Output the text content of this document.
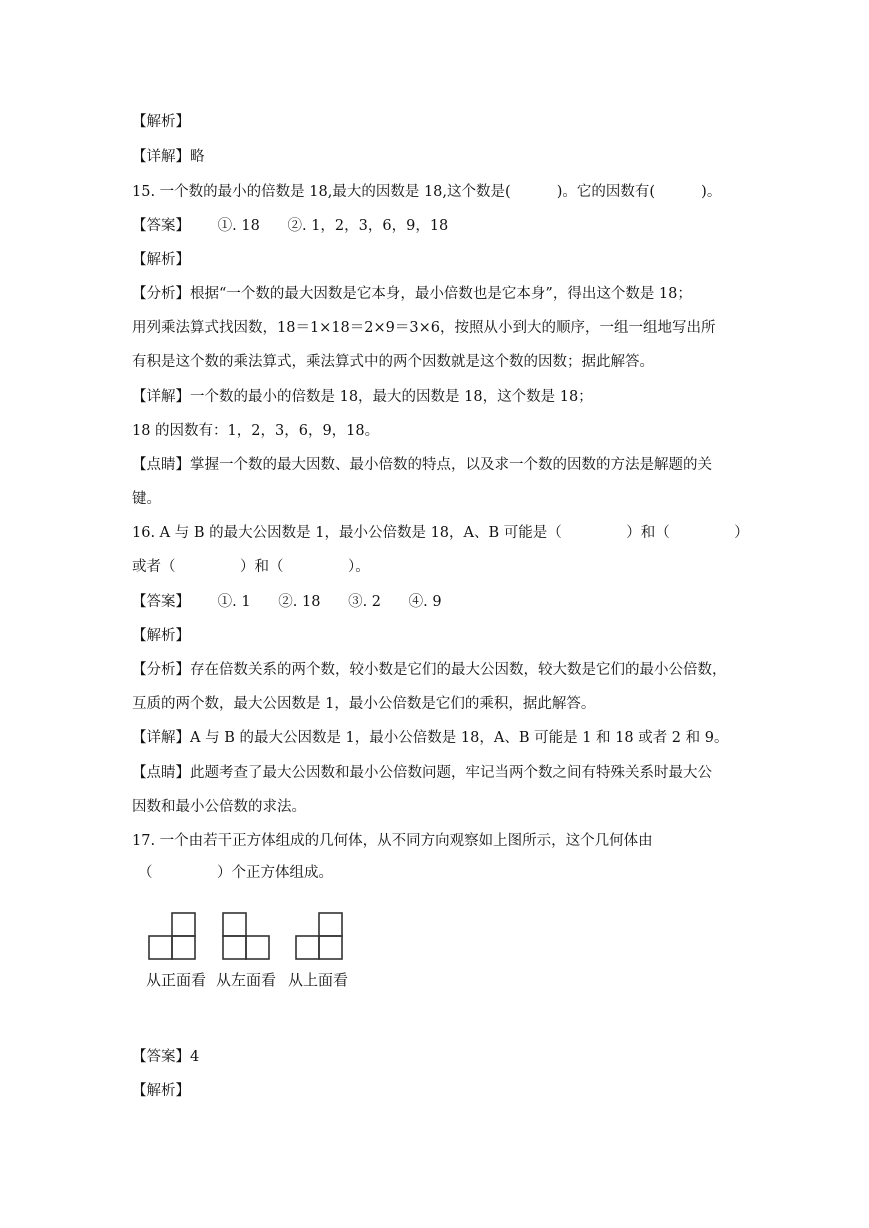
【解析】
【详解】略
15. 一个数的最小的倍数是 18,最大的因数是 18,这个数是(          )。它的因数有(          )。
【答案】      ①. 18      ②. 1，2，3，6，9，18
【解析】
【分析】根据“一个数的最大因数是它本身，最小倍数也是它本身”，得出这个数是 18；
用列乘法算式找因数，18＝1×18＝2×9＝3×6，按照从小到大的顺序，一组一组地写出所
有积是这个数的乘法算式，乘法算式中的两个因数就是这个数的因数；据此解答。
【详解】一个数的最小的倍数是 18，最大的因数是 18，这个数是 18；
18 的因数有：1，2，3，6，9，18。
【点睛】掌握一个数的最大因数、最小倍数的特点，以及求一个数的因数的方法是解题的关
键。
16. A 与 B 的最大公因数是 1，最小公倍数是 18，A、B 可能是（              ）和（              ）
或者（              ）和（              ）。
【答案】      ①. 1      ②. 18      ③. 2      ④. 9
【解析】
【分析】存在倍数关系的两个数，较小数是它们的最大公因数，较大数是它们的最小公倍数，
互质的两个数，最大公因数是 1，最小公倍数是它们的乘积，据此解答。
【详解】A 与 B 的最大公因数是 1，最小公倍数是 18，A、B 可能是 1 和 18 或者 2 和 9。
【点睛】此题考查了最大公因数和最小公倍数问题，牢记当两个数之间有特殊关系时最大公
因数和最小公倍数的求法。
17. 一个由若干正方体组成的几何体，从不同方向观察如上图所示，这个几何体由
（              ）个正方体组成。
从正面看 从左面看 从上面看
【答案】4
【解析】
